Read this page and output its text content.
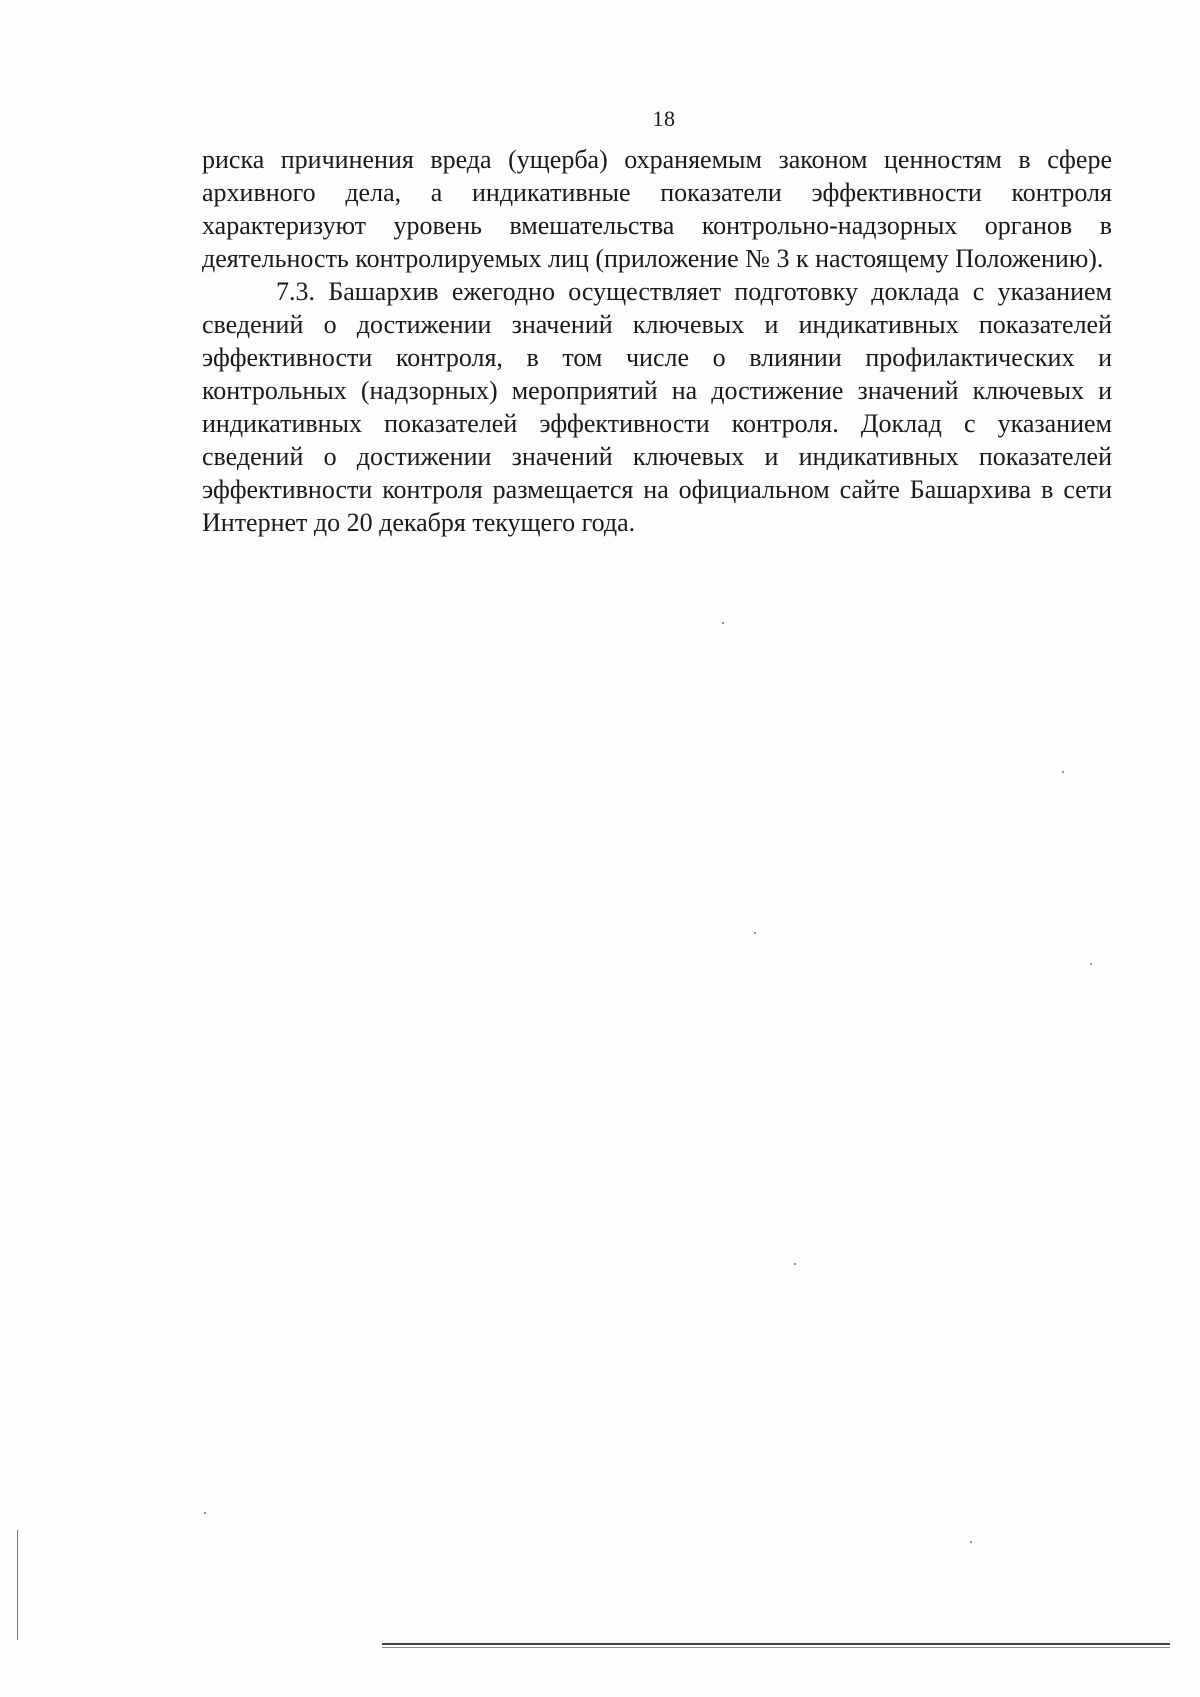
18

риска причинения вреда (ущерба) охраняемым законом ценностям в сфере архивного дела, а индикативные показатели эффективности контроля характеризуют уровень вмешательства контрольно-надзорных органов в деятельность контролируемых лиц (приложение № 3 к настоящему Положению).

7.3. Башархив ежегодно осуществляет подготовку доклада с указанием сведений о достижении значений ключевых и индикативных показателей эффективности контроля, в том числе о влиянии профилактических и контрольных (надзорных) мероприятий на достижение значений ключевых и индикативных показателей эффективности контроля. Доклад с указанием сведений о достижении значений ключевых и индикативных показателей эффективности контроля размещается на официальном сайте Башархива в сети Интернет до 20 декабря текущего года.
